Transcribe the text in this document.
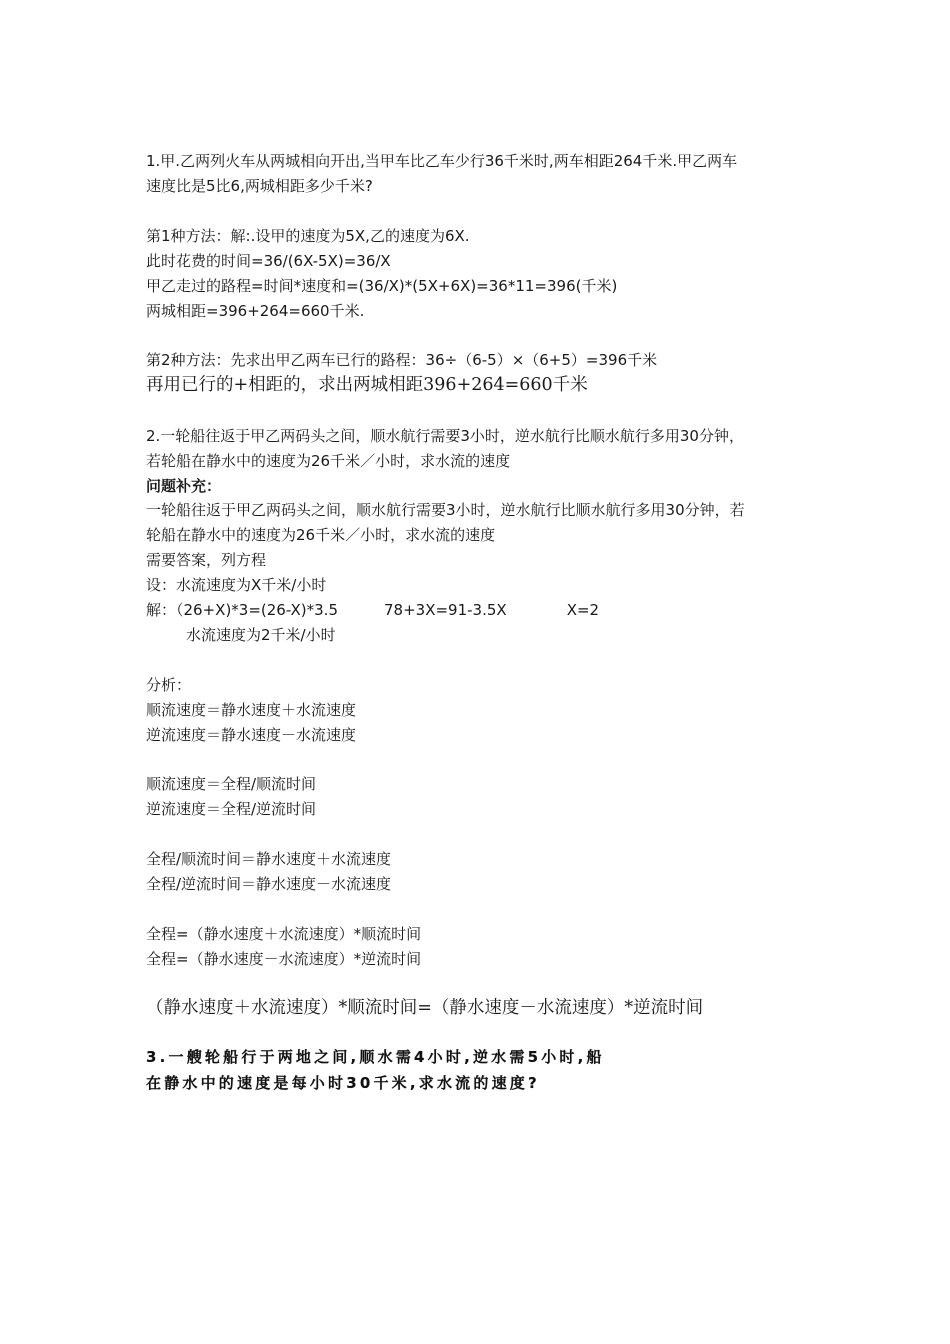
1.甲.乙两列火车从两城相向开出,当甲车比乙车少行36千米时,两车相距264千米.甲乙两车
速度比是5比6,两城相距多少千米?
第1种方法：解:.设甲的速度为5X,乙的速度为6X.
此时花费的时间=36/(6X-5X)=36/X
甲乙走过的路程=时间*速度和=(36/X)*(5X+6X)=36*11=396(千米)
两城相距=396+264=660千米.
第2种方法：先求出甲乙两车已行的路程：36÷（6-5）×（6+5）=396千米
再用已行的+相距的，求出两城相距396+264=660千米
2.一轮船往返于甲乙两码头之间，顺水航行需要3小时，逆水航行比顺水航行多用30分钟，
若轮船在静水中的速度为26千米／小时，求水流的速度
问题补充：
一轮船往返于甲乙两码头之间，顺水航行需要3小时，逆水航行比顺水航行多用30分钟，若
轮船在静水中的速度为26千米／小时，求水流的速度
需要答案，列方程
设：水流速度为X千米/小时
解：（26+X)*3=(26-X)*3.5	78+3X=91-3.5X	X=2
水流速度为2千米/小时
分析：
顺流速度＝静水速度＋水流速度
逆流速度＝静水速度－水流速度
顺流速度＝全程/顺流时间
逆流速度＝全程/逆流时间
全程/顺流时间＝静水速度＋水流速度
全程/逆流时间＝静水速度－水流速度
全程=（静水速度＋水流速度）*顺流时间
全程=（静水速度－水流速度）*逆流时间
（静水速度＋水流速度）*顺流时间=（静水速度－水流速度）*逆流时间
3.一艘轮船行于两地之间,顺水需4小时,逆水需5小时,船
在静水中的速度是每小时30千米,求水流的速度?
